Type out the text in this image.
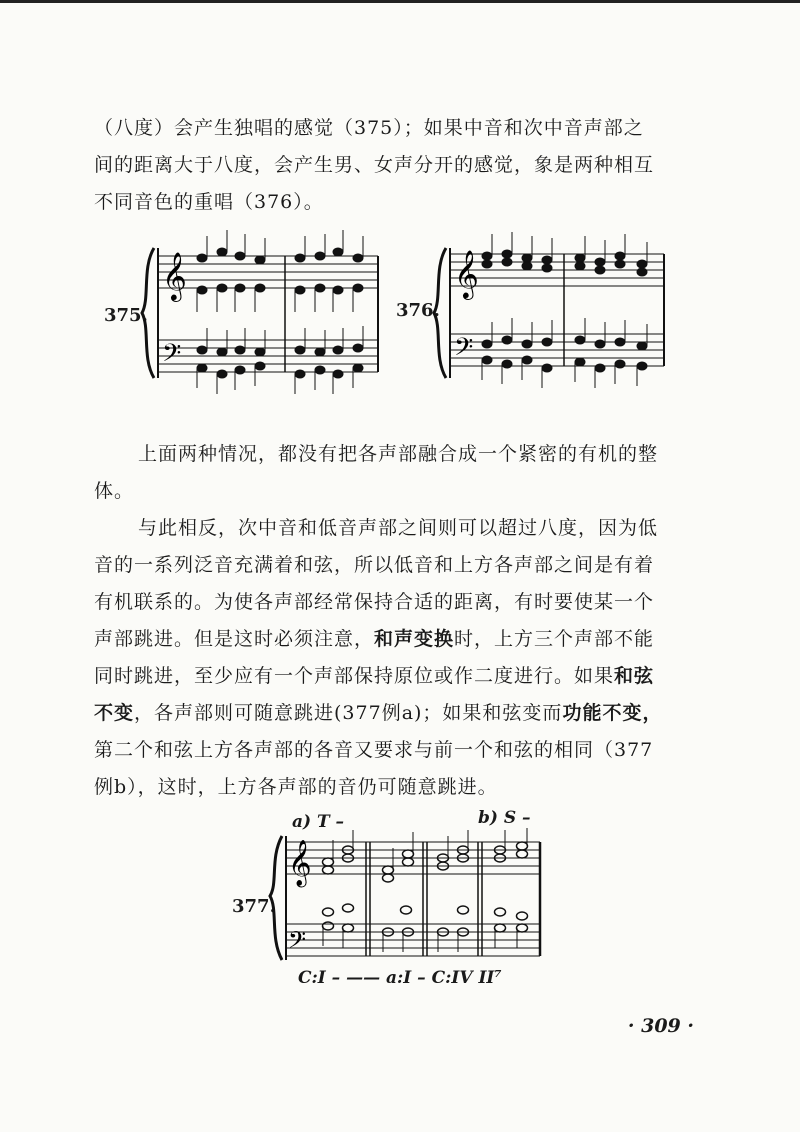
（八度）会产生独唱的感觉（375）；如果中音和次中音声部之
间的距离大于八度，会产生男、女声分开的感觉，象是两种相互
不同音色的重唱（376）。
375.
𝄞
𝄢
376.
𝄞
𝄢
上面两种情况，都没有把各声部融合成一个紧密的有机的整
体。
与此相反，次中音和低音声部之间则可以超过八度，因为低
音的一系列泛音充满着和弦，所以低音和上方各声部之间是有着
有机联系的。为使各声部经常保持合适的距离，有时要使某一个
声部跳进。但是这时必须注意，和声变换时，上方三个声部不能
同时跳进，至少应有一个声部保持原位或作二度进行。如果和弦
不变，各声部则可随意跳进(377例a)；如果和弦变而功能不变，
第二个和弦上方各声部的各音又要求与前一个和弦的相同（377
例b），这时，上方各声部的音仍可随意跳进。
a) T –	b) S –
377.
𝄞
𝄢
C:I – —— a:I – C:IV II⁷
· 309 ·
